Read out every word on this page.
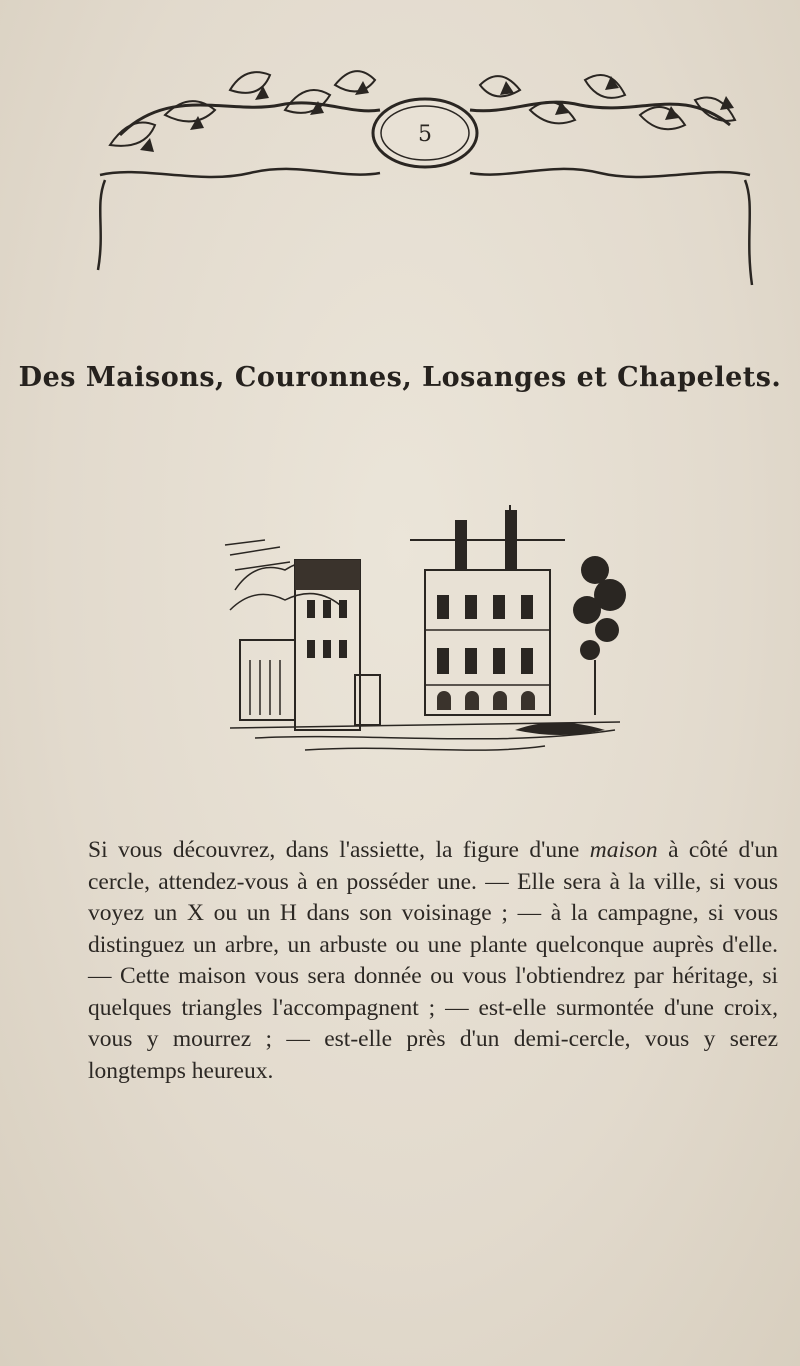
5
Des Maisons, Couronnes, Losanges et Chapelets.
Si vous découvrez, dans l'assiette, la figure d'une maison à côté d'un cercle, attendez-vous à en posséder une. — Elle sera à la ville, si vous voyez un X ou un H dans son voisinage ; — à la campagne, si vous distinguez un arbre, un arbuste ou une plante quelconque auprès d'elle. — Cette maison vous sera donnée ou vous l'obtiendrez par héritage, si quelques triangles l'accompagnent ; — est-elle surmontée d'une croix, vous y mourrez ; — est-elle près d'un demi-cercle, vous y serez longtemps heureux.
